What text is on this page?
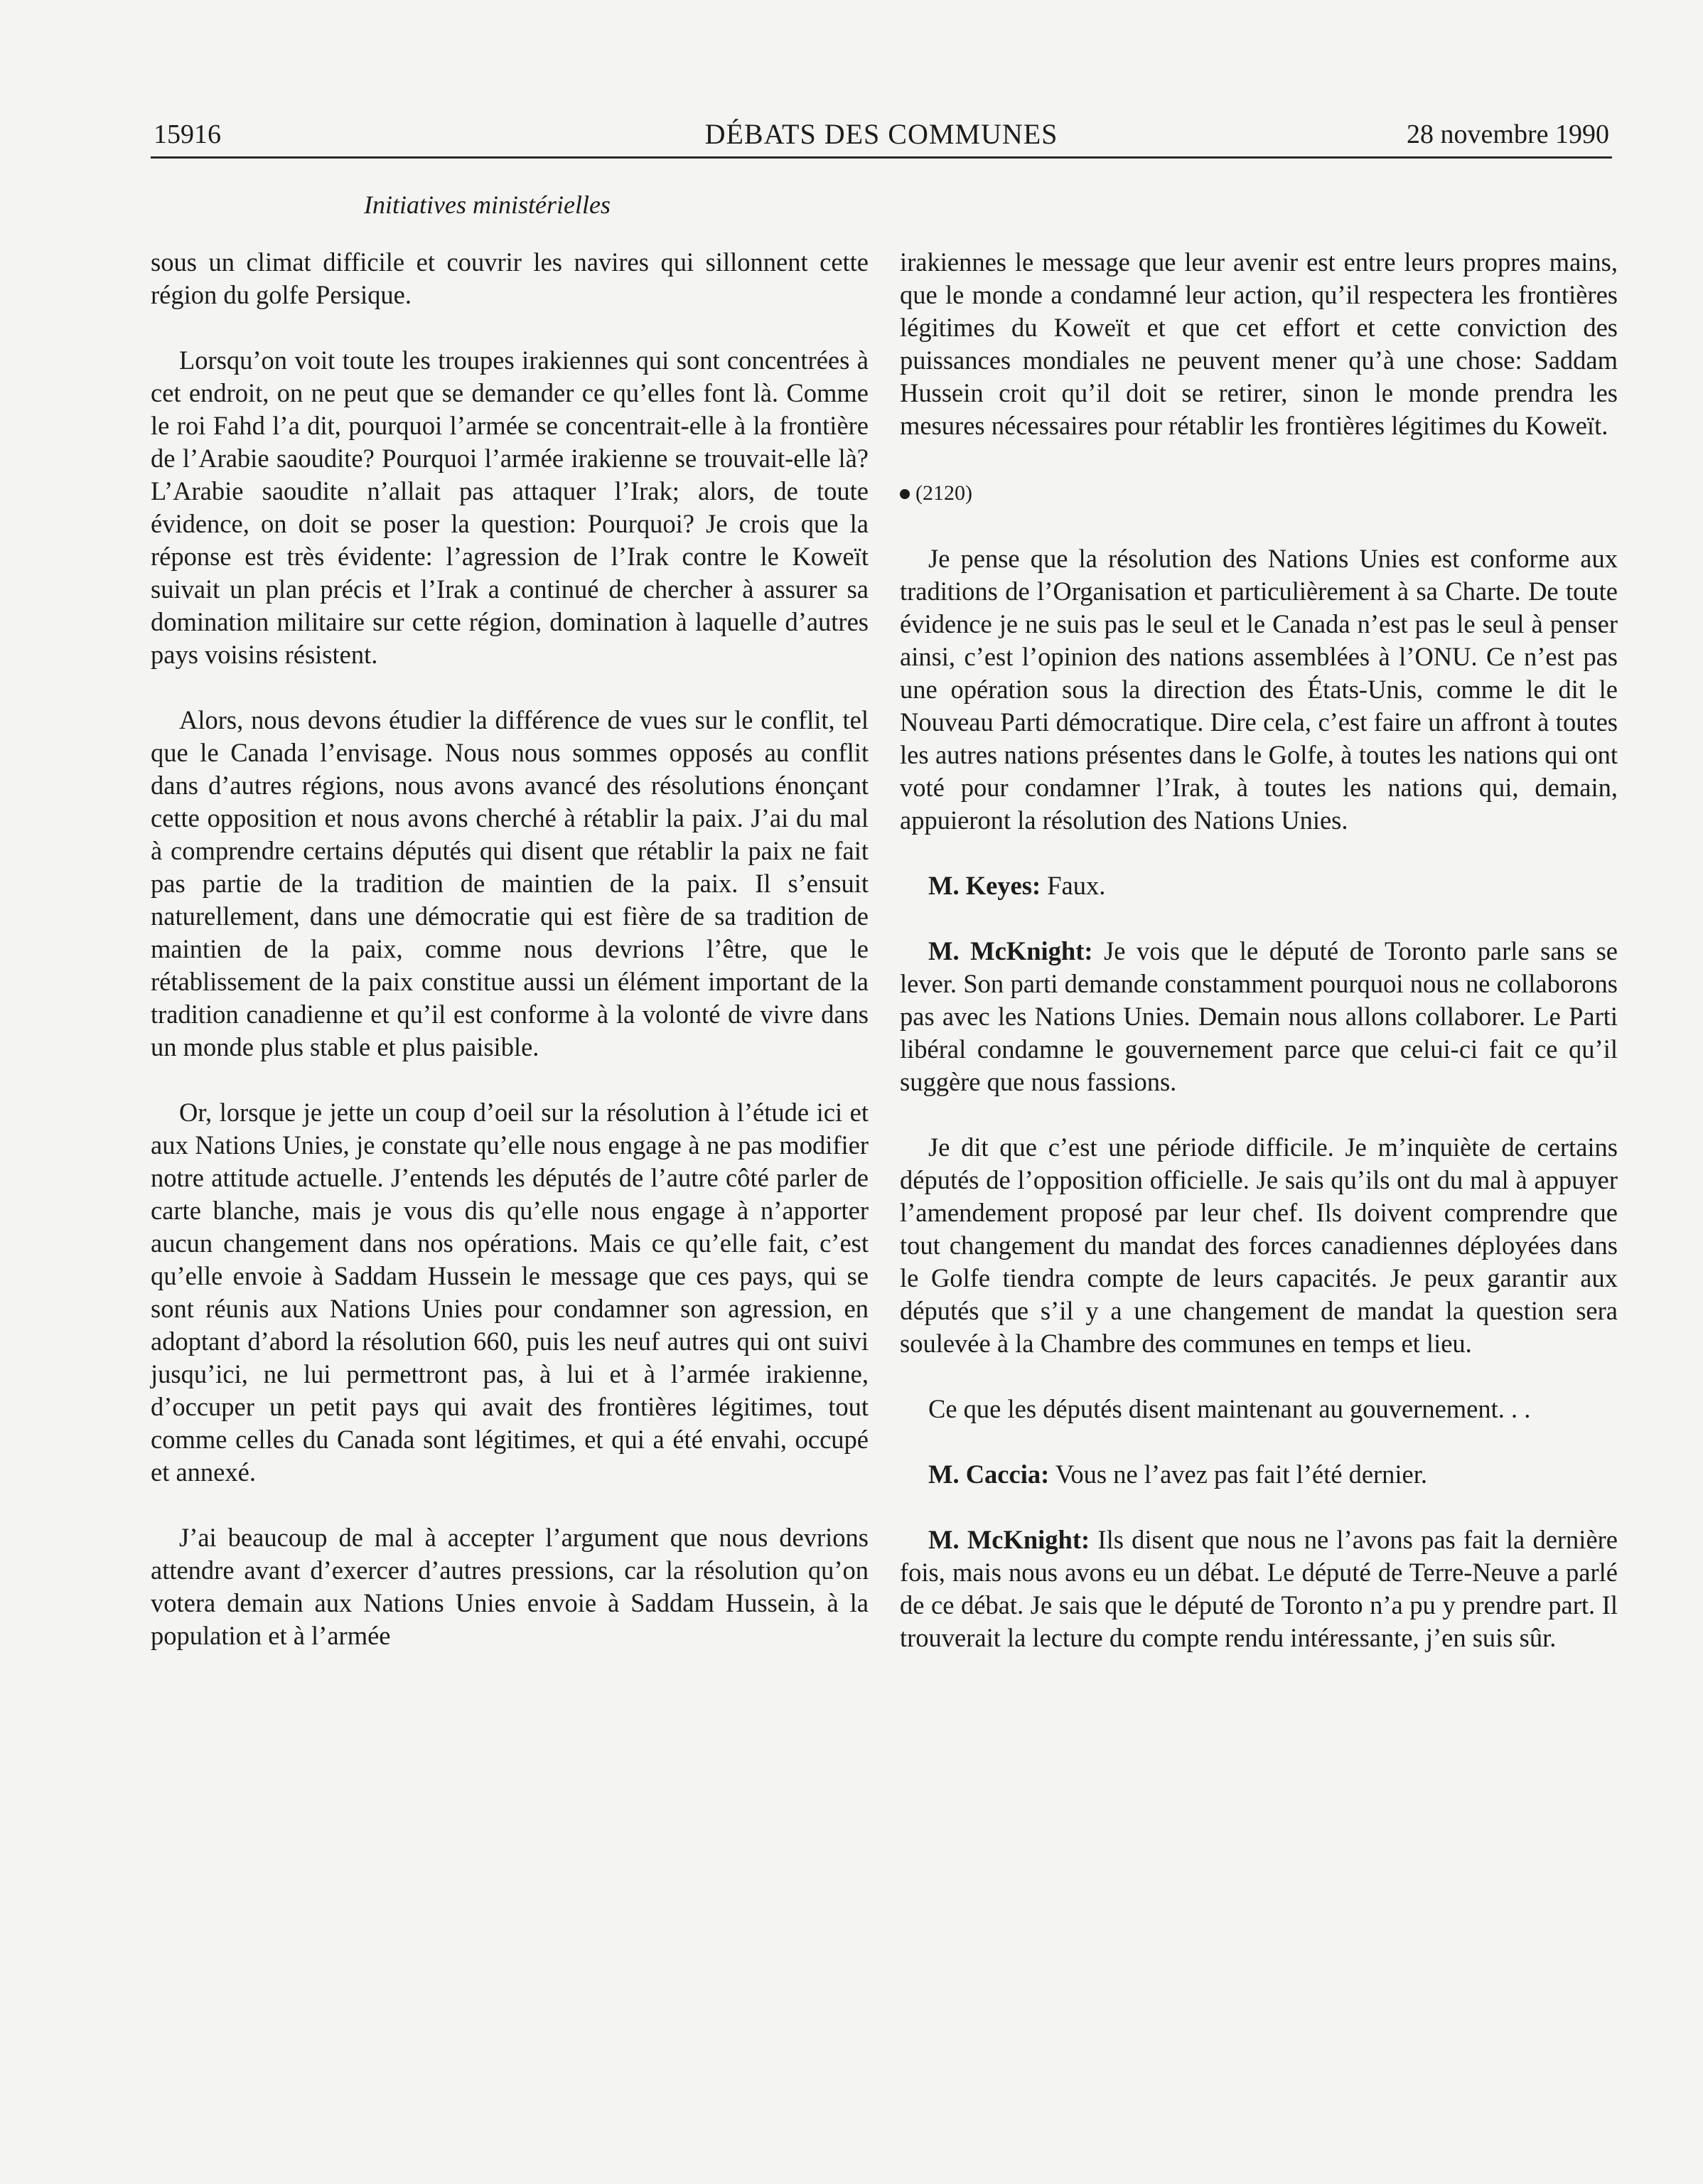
15916	DÉBATS DES COMMUNES	28 novembre 1990
Initiatives ministérielles

sous un climat difficile et couvrir les navires qui sillonnent cette région du golfe Persique.

Lorsqu’on voit toute les troupes irakiennes qui sont concentrées à cet endroit, on ne peut que se demander ce qu’elles font là. Comme le roi Fahd l’a dit, pourquoi l’armée se concentrait-elle à la frontière de l’Arabie saoudite? Pourquoi l’armée irakienne se trouvait-elle là? L’Arabie saoudite n’allait pas attaquer l’Irak; alors, de toute évidence, on doit se poser la question: Pourquoi? Je crois que la réponse est très évidente: l’agression de l’Irak contre le Koweït suivait un plan précis et l’Irak a continué de chercher à assurer sa domination militaire sur cette région, domination à laquelle d’autres pays voisins résistent.

Alors, nous devons étudier la différence de vues sur le conflit, tel que le Canada l’envisage. Nous nous sommes opposés au conflit dans d’autres régions, nous avons avancé des résolutions énonçant cette opposition et nous avons cherché à rétablir la paix. J’ai du mal à comprendre certains députés qui disent que rétablir la paix ne fait pas partie de la tradition de maintien de la paix. Il s’ensuit naturellement, dans une démocratie qui est fière de sa tradition de maintien de la paix, comme nous devrions l’être, que le rétablissement de la paix constitue aussi un élément important de la tradition canadienne et qu’il est conforme à la volonté de vivre dans un monde plus stable et plus paisible.

Or, lorsque je jette un coup d’oeil sur la résolution à l’étude ici et aux Nations Unies, je constate qu’elle nous engage à ne pas modifier notre attitude actuelle. J’entends les députés de l’autre côté parler de carte blanche, mais je vous dis qu’elle nous engage à n’apporter aucun changement dans nos opérations. Mais ce qu’elle fait, c’est qu’elle envoie à Saddam Hussein le message que ces pays, qui se sont réunis aux Nations Unies pour condamner son agression, en adoptant d’abord la résolution 660, puis les neuf autres qui ont suivi jusqu’ici, ne lui permettront pas, à lui et à l’armée irakienne, d’occuper un petit pays qui avait des frontières légitimes, tout comme celles du Canada sont légitimes, et qui a été envahi, occupé et annexé.

J’ai beaucoup de mal à accepter l’argument que nous devrions attendre avant d’exercer d’autres pressions, car la résolution qu’on votera demain aux Nations Unies envoie à Saddam Hussein, à la population et à l’armée

irakiennes le message que leur avenir est entre leurs propres mains, que le monde a condamné leur action, qu’il respectera les frontières légitimes du Koweït et que cet effort et cette conviction des puissances mondiales ne peuvent mener qu’à une chose: Saddam Hussein croit qu’il doit se retirer, sinon le monde prendra les mesures nécessaires pour rétablir les frontières légitimes du Koweït.

(2120)

Je pense que la résolution des Nations Unies est conforme aux traditions de l’Organisation et particulièrement à sa Charte. De toute évidence je ne suis pas le seul et le Canada n’est pas le seul à penser ainsi, c’est l’opinion des nations assemblées à l’ONU. Ce n’est pas une opération sous la direction des États-Unis, comme le dit le Nouveau Parti démocratique. Dire cela, c’est faire un affront à toutes les autres nations présentes dans le Golfe, à toutes les nations qui ont voté pour condamner l’Irak, à toutes les nations qui, demain, appuieront la résolution des Nations Unies.

M. Keyes: Faux.

M. McKnight: Je vois que le député de Toronto parle sans se lever. Son parti demande constamment pourquoi nous ne collaborons pas avec les Nations Unies. Demain nous allons collaborer. Le Parti libéral condamne le gouvernement parce que celui-ci fait ce qu’il suggère que nous fassions.

Je dit que c’est une période difficile. Je m’inquiète de certains députés de l’opposition officielle. Je sais qu’ils ont du mal à appuyer l’amendement proposé par leur chef. Ils doivent comprendre que tout changement du mandat des forces canadiennes déployées dans le Golfe tiendra compte de leurs capacités. Je peux garantir aux députés que s’il y a une changement de mandat la question sera soulevée à la Chambre des communes en temps et lieu.

Ce que les députés disent maintenant au gouvernement. . .

M. Caccia: Vous ne l’avez pas fait l’été dernier.

M. McKnight: Ils disent que nous ne l’avons pas fait la dernière fois, mais nous avons eu un débat. Le député de Terre-Neuve a parlé de ce débat. Je sais que le député de Toronto n’a pu y prendre part. Il trouverait la lecture du compte rendu intéressante, j’en suis sûr.
